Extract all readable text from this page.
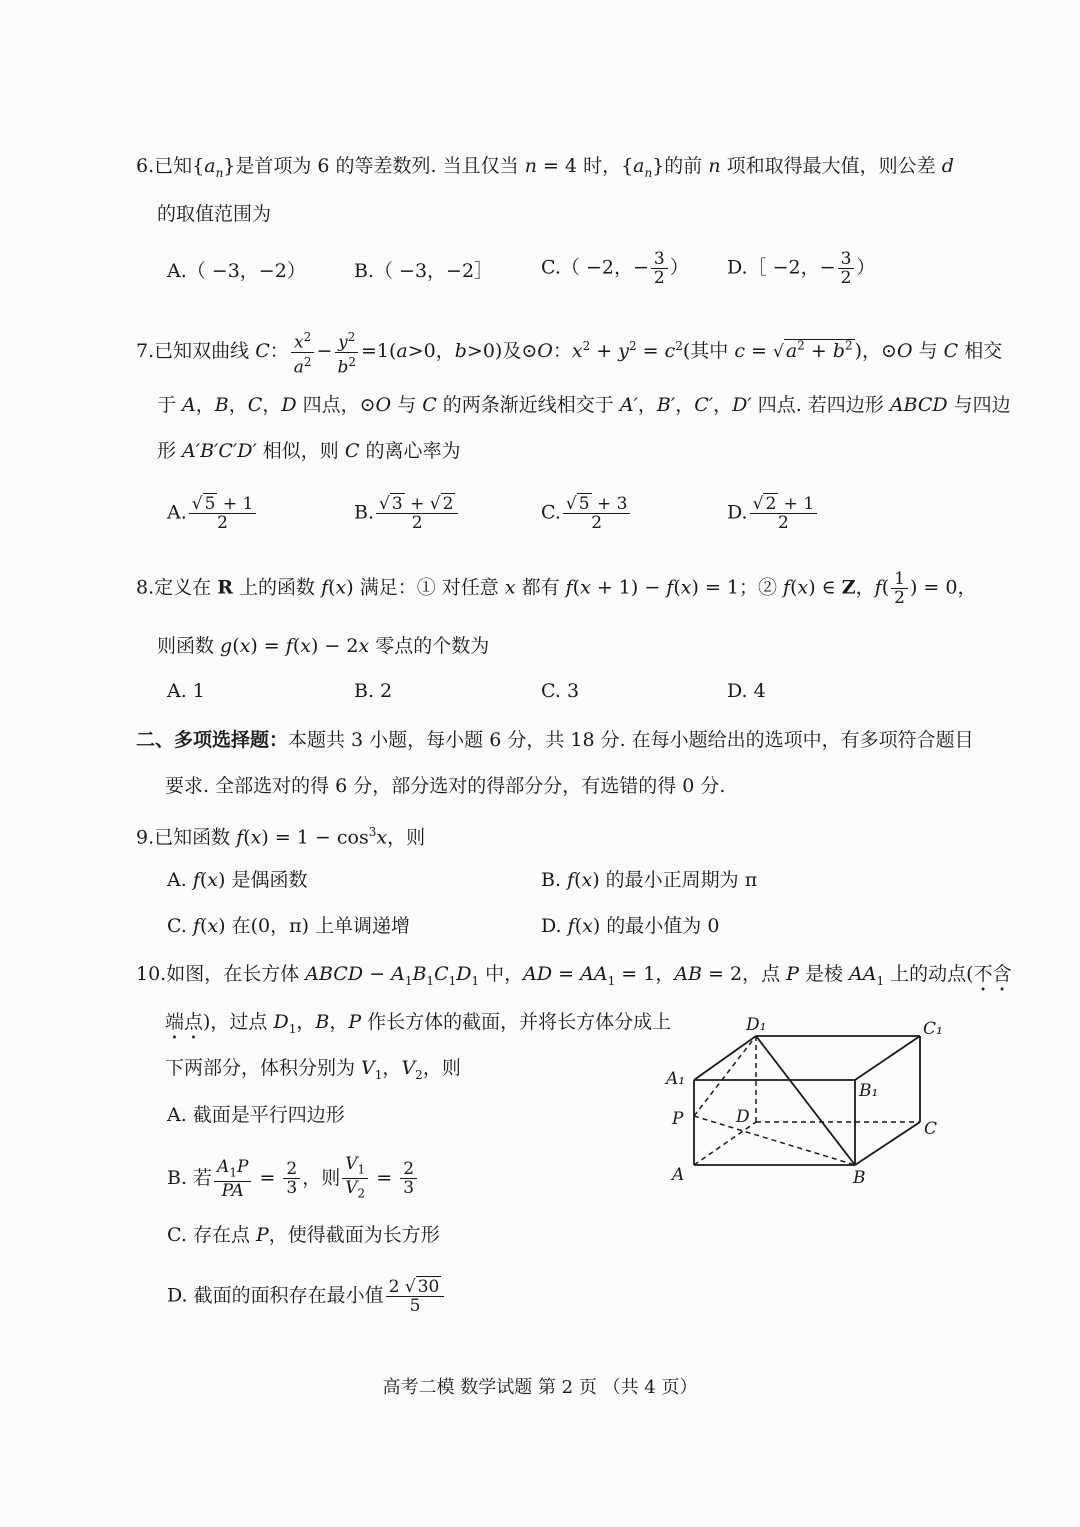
6.已知$\{a_n\}$是首项为 6 的等差数列. 当且仅当 n = 4 时，$\{a_n\}$的前 n 项和取得最大值，则公差 d
的取值范围为
A.（ −3，−2）	B.（ −3，−2］	C.（ −2，− $\frac{3}{2}$ ） D.［ −2，− $\frac{3}{2}$ ）
7.已知双曲线 C： $\frac{x^2}{a^2} - \frac{y^2}{b^2} =1(a>0$，b>0)及⊙O：$x^2 + y^2 = c^2$(其中 c = √ $a^2 + b^2$ )，⊙O 与 C 相交
于 A，B，C，D 四点，⊙O 与 C 的两条渐近线相交于 A′，B′，C′，D′ 四点. 若四边形 ABCD 与四边
形 A′B′C′D′ 相似，则 C 的离心率为
A. $\frac{√ 5 + 1}{2}$	B. $\frac{√ 3 + √ 2}{2}$	C. $\frac{√ 5 + 3}{2}$	D. $\frac{√ 2 + 1}{2}$
8.定义在 R 上的函数 f(x) 满足：① 对任意 x 都有 f(x + 1) − f(x) = 1；② f(x) ∈ Z，$f( \frac{1}{2}$ ) = 0，
则函数 g(x) = f(x) − 2x 零点的个数为
A. 1	B. 2	C. 3	D. 4
二、多项选择题：本题共 3 小题，每小题 6 分，共 18 分. 在每小题给出的选项中，有多项符合题目
要求. 全部选对的得 6 分，部分选对的得部分分，有选错的得 0 分.
9.已知函数 $f(x) = 1 - \cos^3x$，则
A. f(x) 是偶函数	B. f(x) 的最小正周期为 π
C. f(x) 在(0，π) 上单调递增	D. f(x) 的最小值为 0
10.如图，在长方体 ABCD − $A_1B_1C_1D_1$ 中，AD = $AA_1 = 1$，AB = 2，点 P 是棱 $AA_1$ 上的动点(不含
端点)，过点 $D_1$，B，P 作长方体的截面，并将长方体分成上
下两部分，体积分别为 $V_1$，$V_2$，则
A. 截面是平行四边形
B. 若 $\frac{A_1P}{PA} = \frac{2}{3}$ ，则 $\frac{V_1}{V_2} = \frac{2}{3}$
C. 存在点 P，使得截面为长方形
D. 截面的面积存在最小值 $\frac{2 √ 30}{5}$
D₁	C₁
A₁
B₁
P	D
C
A	B
高考二模 数学试题 第 2 页 （共 4 页）
